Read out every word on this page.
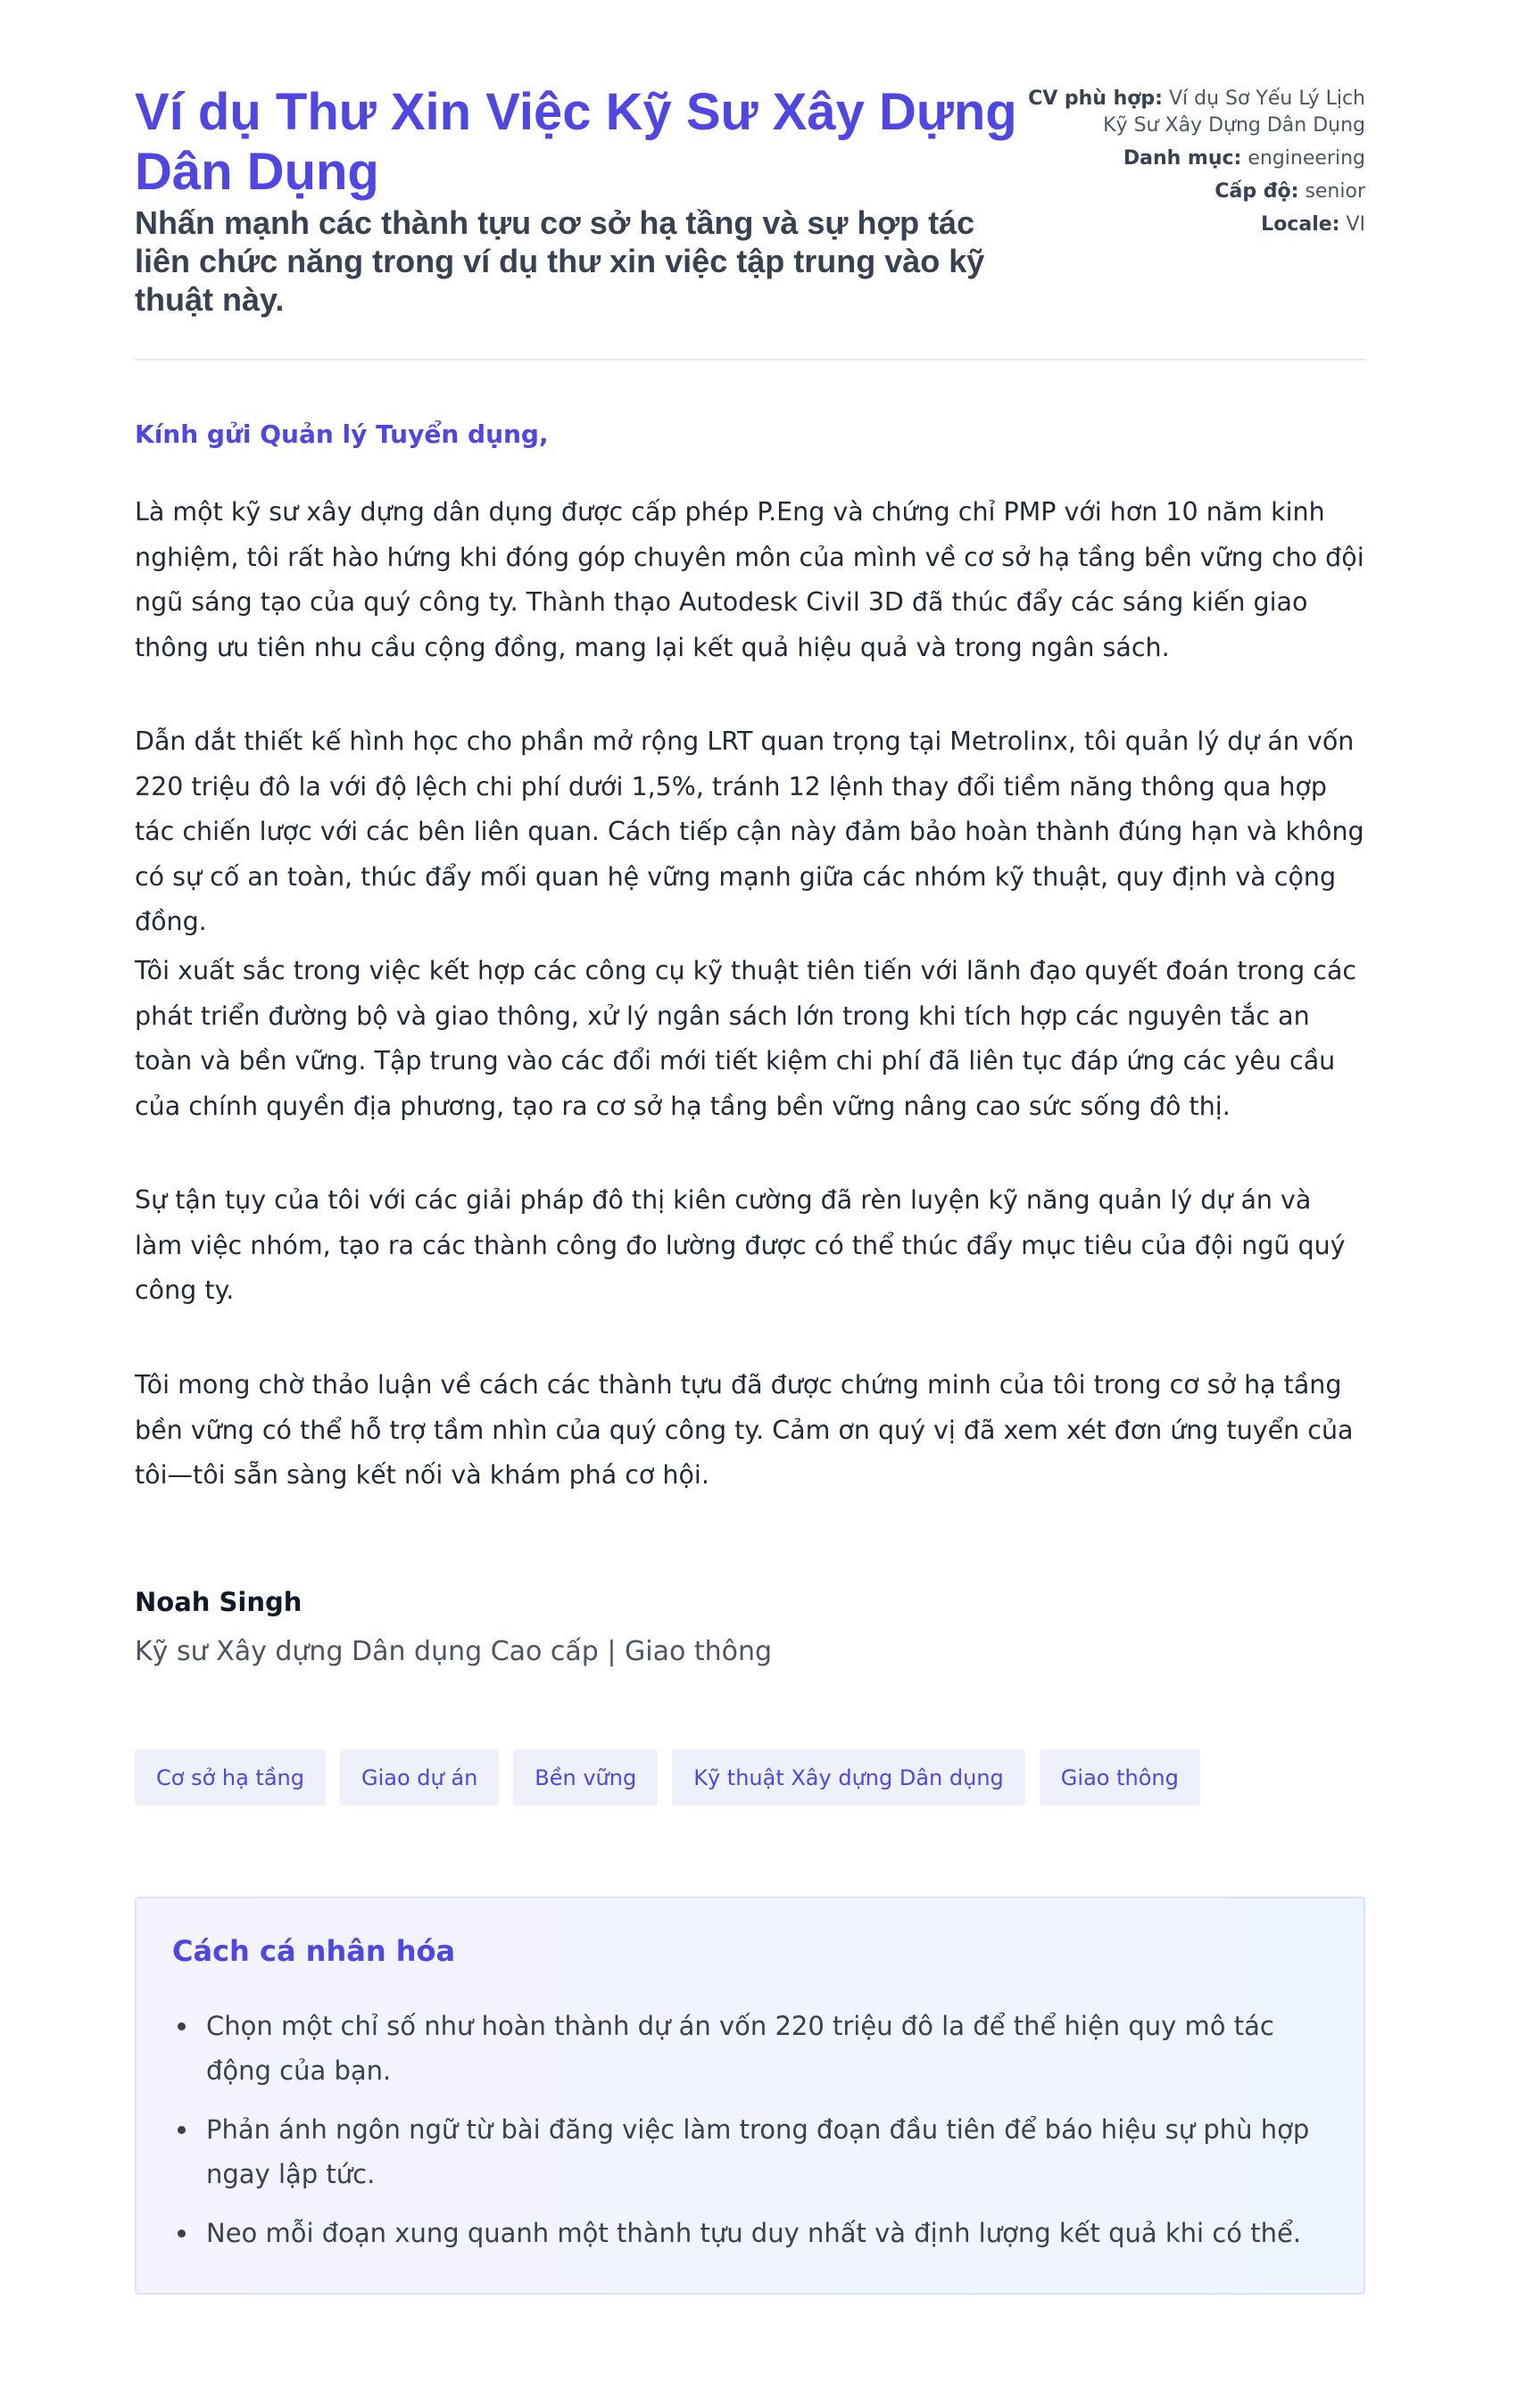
Ví dụ Thư Xin Việc Kỹ Sư Xây Dựng Dân Dụng

Nhấn mạnh các thành tựu cơ sở hạ tầng và sự hợp tác liên chức năng trong ví dụ thư xin việc tập trung vào kỹ thuật này.

CV phù hợp: Ví dụ Sơ Yếu Lý Lịch Kỹ Sư Xây Dựng Dân Dụng
Danh mục: engineering
Cấp độ: senior
Locale: VI

Kính gửi Quản lý Tuyển dụng,

Là một kỹ sư xây dựng dân dụng được cấp phép P.Eng và chứng chỉ PMP với hơn 10 năm kinh nghiệm, tôi rất hào hứng khi đóng góp chuyên môn của mình về cơ sở hạ tầng bền vững cho đội ngũ sáng tạo của quý công ty. Thành thạo Autodesk Civil 3D đã thúc đẩy các sáng kiến giao thông ưu tiên nhu cầu cộng đồng, mang lại kết quả hiệu quả và trong ngân sách.

Dẫn dắt thiết kế hình học cho phần mở rộng LRT quan trọng tại Metrolinx, tôi quản lý dự án vốn 220 triệu đô la với độ lệch chi phí dưới 1,5%, tránh 12 lệnh thay đổi tiềm năng thông qua hợp tác chiến lược với các bên liên quan. Cách tiếp cận này đảm bảo hoàn thành đúng hạn và không có sự cố an toàn, thúc đẩy mối quan hệ vững mạnh giữa các nhóm kỹ thuật, quy định và cộng đồng.

Tôi xuất sắc trong việc kết hợp các công cụ kỹ thuật tiên tiến với lãnh đạo quyết đoán trong các phát triển đường bộ và giao thông, xử lý ngân sách lớn trong khi tích hợp các nguyên tắc an toàn và bền vững. Tập trung vào các đổi mới tiết kiệm chi phí đã liên tục đáp ứng các yêu cầu của chính quyền địa phương, tạo ra cơ sở hạ tầng bền vững nâng cao sức sống đô thị.

Sự tận tụy của tôi với các giải pháp đô thị kiên cường đã rèn luyện kỹ năng quản lý dự án và làm việc nhóm, tạo ra các thành công đo lường được có thể thúc đẩy mục tiêu của đội ngũ quý công ty.

Tôi mong chờ thảo luận về cách các thành tựu đã được chứng minh của tôi trong cơ sở hạ tầng bền vững có thể hỗ trợ tầm nhìn của quý công ty. Cảm ơn quý vị đã xem xét đơn ứng tuyển của tôi—tôi sẵn sàng kết nối và khám phá cơ hội.

Noah Singh

Kỹ sư Xây dựng Dân dụng Cao cấp | Giao thông

Cơ sở hạ tầng	Giao dự án	Bền vững	Kỹ thuật Xây dựng Dân dụng	Giao thông
Cách cá nhân hóa
Chọn một chỉ số như hoàn thành dự án vốn 220 triệu đô la để thể hiện quy mô tác động của bạn.
Phản ánh ngôn ngữ từ bài đăng việc làm trong đoạn đầu tiên để báo hiệu sự phù hợp ngay lập tức.
Neo mỗi đoạn xung quanh một thành tựu duy nhất và định lượng kết quả khi có thể.
